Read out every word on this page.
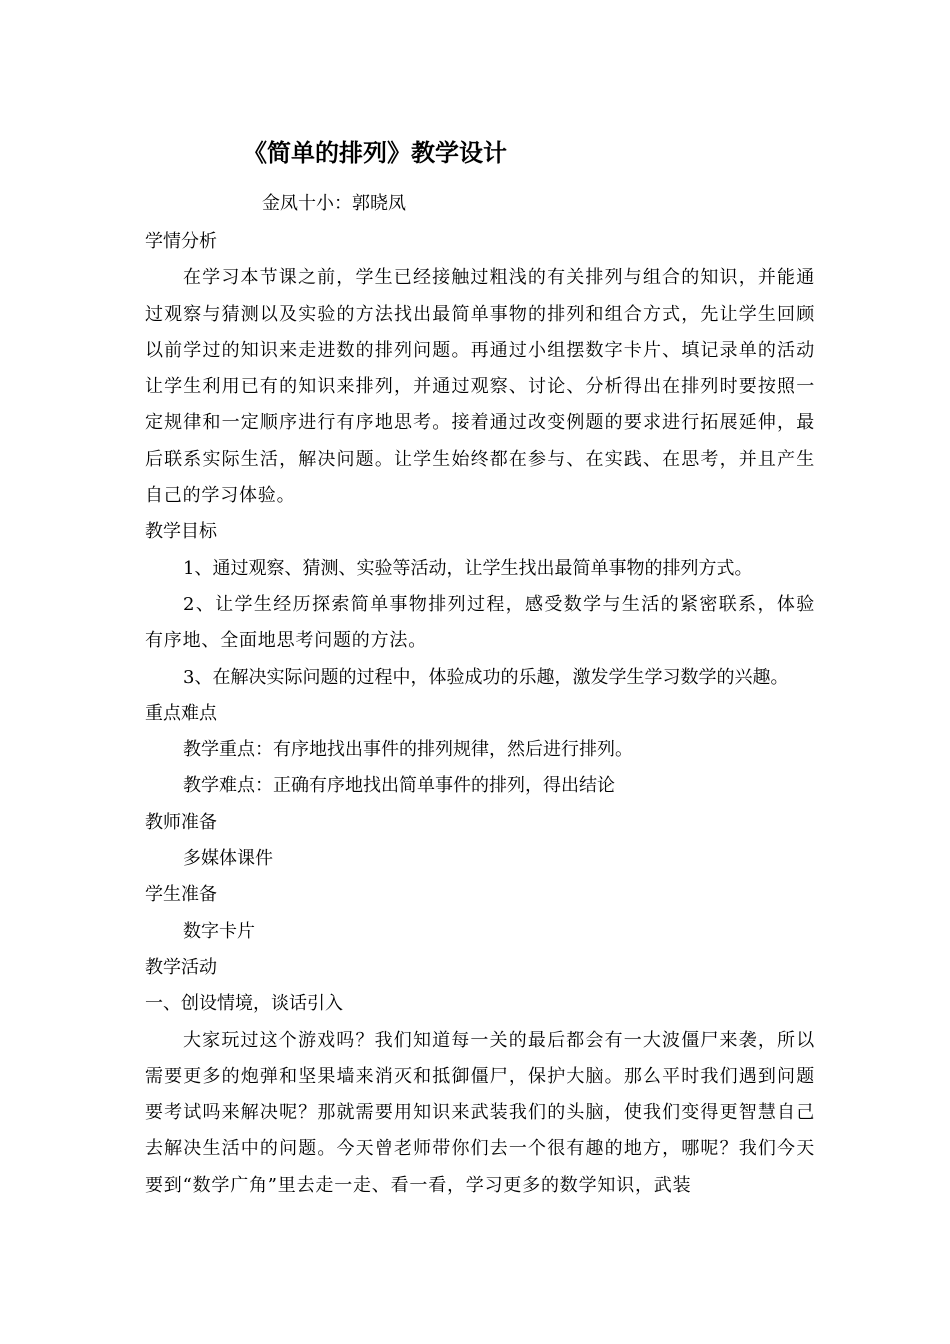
《简单的排列》教学设计
金凤十小：郭晓凤

学情分析

在学习本节课之前，学生已经接触过粗浅的有关排列与组合的知识，并能通过观察与猜测以及实验的方法找出最简单事物的排列和组合方式，先让学生回顾以前学过的知识来走进数的排列问题。再通过小组摆数字卡片、填记录单的活动让学生利用已有的知识来排列，并通过观察、讨论、分析得出在排列时要按照一定规律和一定顺序进行有序地思考。接着通过改变例题的要求进行拓展延伸，最后联系实际生活，解决问题。让学生始终都在参与、在实践、在思考，并且产生自己的学习体验。

教学目标

1、通过观察、猜测、实验等活动，让学生找出最简单事物的排列方式。

2、让学生经历探索简单事物排列过程，感受数学与生活的紧密联系，体验有序地、全面地思考问题的方法。

3、在解决实际问题的过程中，体验成功的乐趣，激发学生学习数学的兴趣。

重点难点

教学重点：有序地找出事件的排列规律，然后进行排列。

教学难点：正确有序地找出简单事件的排列，得出结论

教师准备

多媒体课件

学生准备

数字卡片

教学活动

一、创设情境，谈话引入

大家玩过这个游戏吗？我们知道每一关的最后都会有一大波僵尸来袭，所以需要更多的炮弹和坚果墙来消灭和抵御僵尸，保护大脑。那么平时我们遇到问题要考试吗来解决呢？那就需要用知识来武装我们的头脑，使我们变得更智慧自己去解决生活中的问题。今天曾老师带你们去一个很有趣的地方，哪呢？我们今天要到“数学广角”里去走一走、看一看，学习更多的数学知识，武装
